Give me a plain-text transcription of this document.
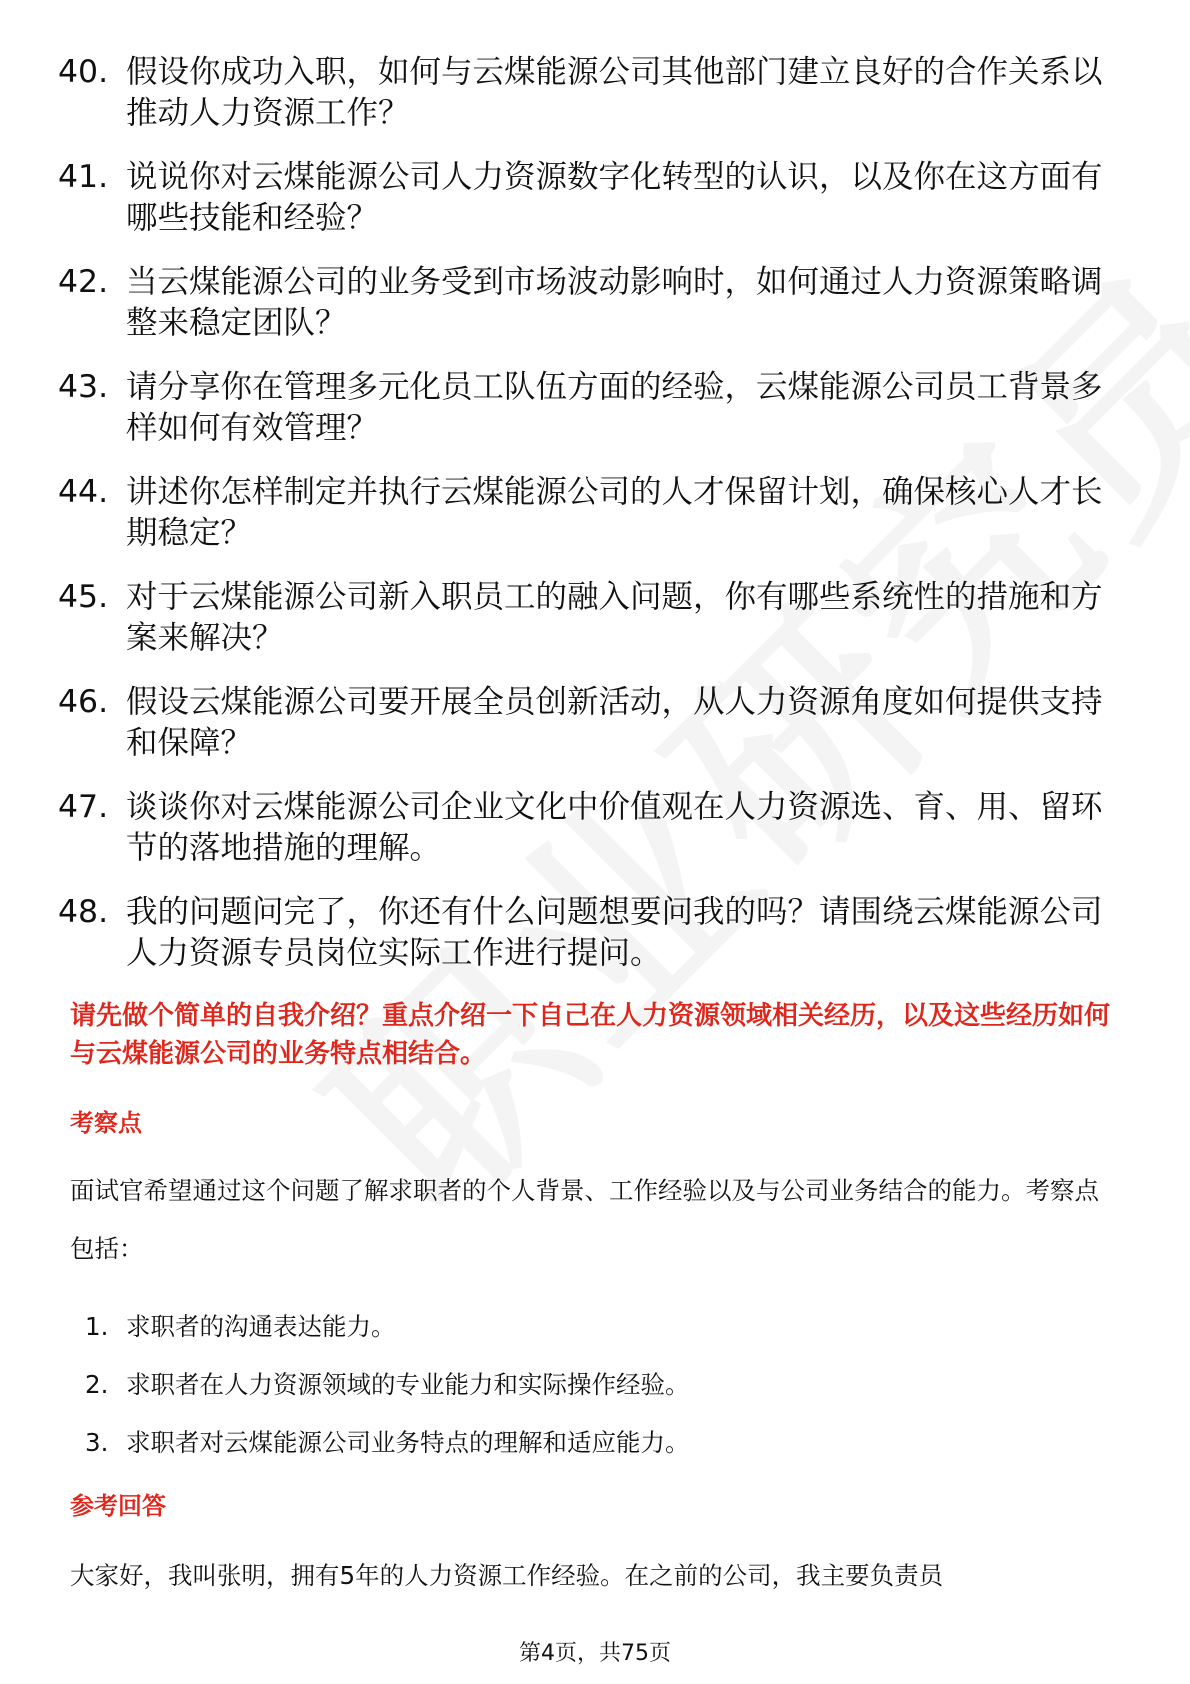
40. 假设你成功入职，如何与云煤能源公司其他部门建立良好的合作关系以推动人力资源工作？
41. 说说你对云煤能源公司人力资源数字化转型的认识，以及你在这方面有哪些技能和经验？
42. 当云煤能源公司的业务受到市场波动影响时，如何通过人力资源策略调整来稳定团队？
43. 请分享你在管理多元化员工队伍方面的经验，云煤能源公司员工背景多样如何有效管理？
44. 讲述你怎样制定并执行云煤能源公司的人才保留计划，确保核心人才长期稳定？
45. 对于云煤能源公司新入职员工的融入问题，你有哪些系统性的措施和方案来解决？
46. 假设云煤能源公司要开展全员创新活动，从人力资源角度如何提供支持和保障？
47. 谈谈你对云煤能源公司企业文化中价值观在人力资源选、育、用、留环节的落地措施的理解。
48. 我的问题问完了，你还有什么问题想要问我的吗？请围绕云煤能源公司人力资源专员岗位实际工作进行提问。
请先做个简单的自我介绍？重点介绍一下自己在人力资源领域相关经历，以及这些经历如何与云煤能源公司的业务特点相结合。
考察点
面试官希望通过这个问题了解求职者的个人背景、工作经验以及与公司业务结合的能力。考察点包括：
1. 求职者的沟通表达能力。
2. 求职者在人力资源领域的专业能力和实际操作经验。
3. 求职者对云煤能源公司业务特点的理解和适应能力。
参考回答
大家好，我叫张明，拥有5年的人力资源工作经验。在之前的公司，我主要负责员
第4页，共75页
